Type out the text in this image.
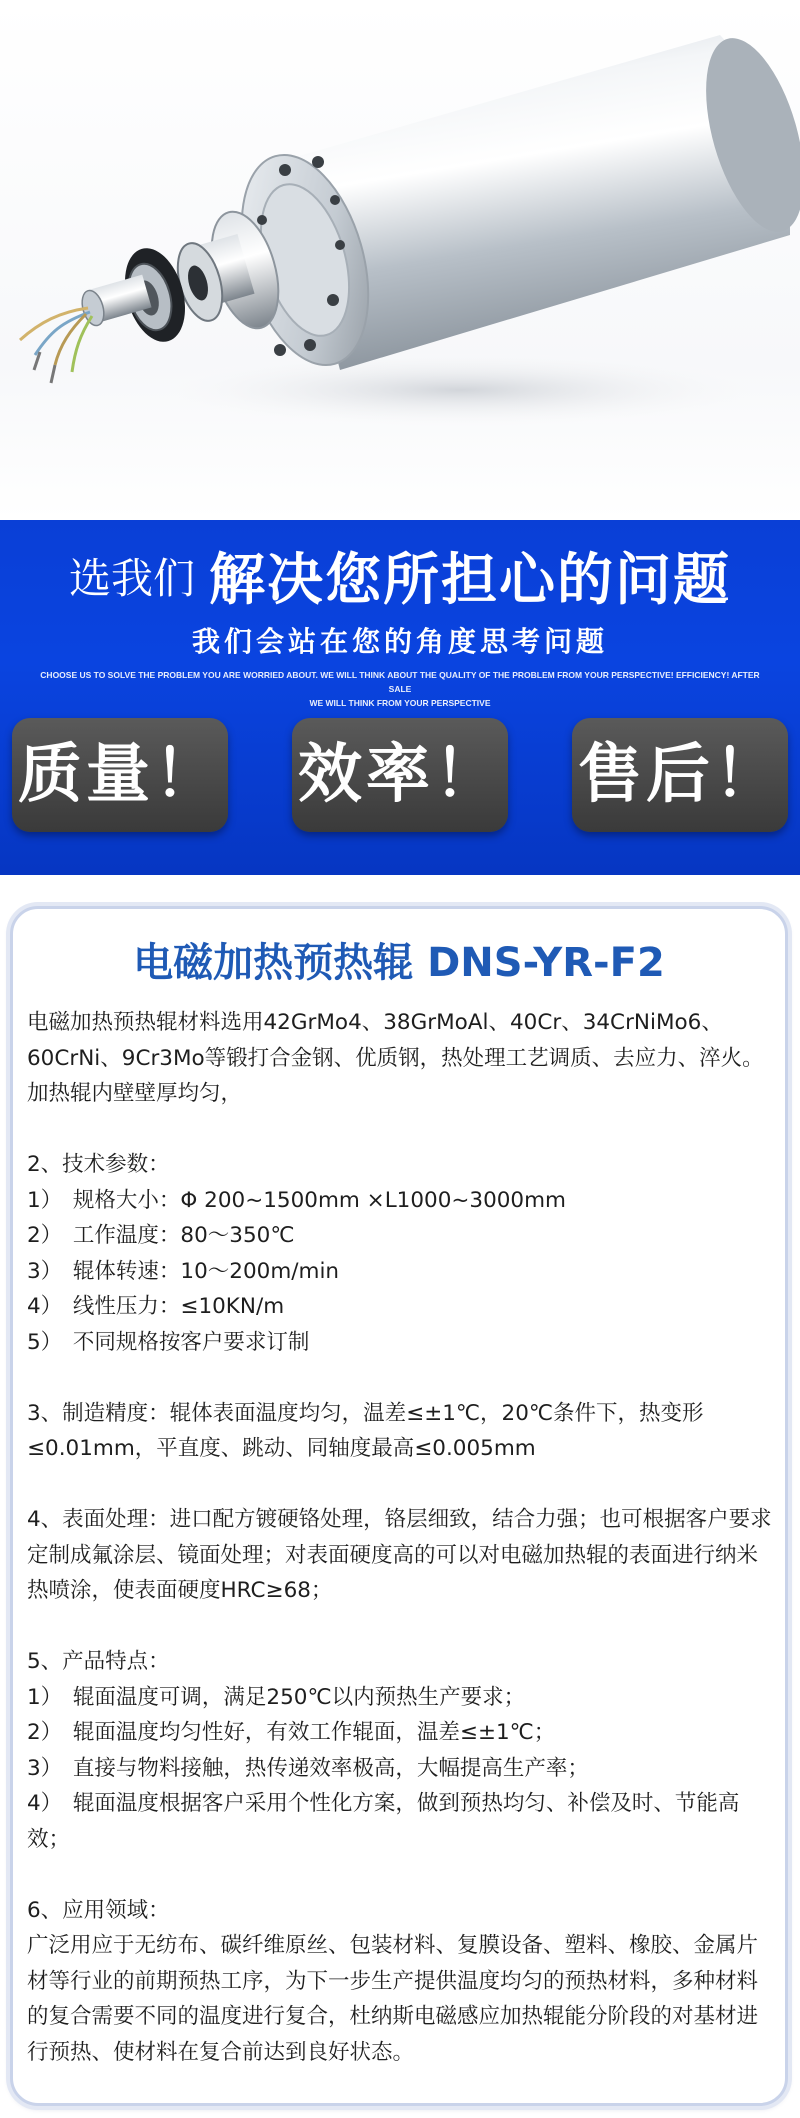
选我们 解决您所担心的问题
我们会站在您的角度思考问题
CHOOSE US TO SOLVE THE PROBLEM YOU ARE WORRIED ABOUT. WE WILL THINK ABOUT THE QUALITY OF THE PROBLEM FROM YOUR PERSPECTIVE! EFFICIENCY! AFTER SALE
WE WILL THINK FROM YOUR PERSPECTIVE
质量！ 效率！ 售后！
电磁加热预热辊 DNS-YR-F2

电磁加热预热辊材料选用42GrMo4、38GrMoAl、40Cr、34CrNiMo6、60CrNi、9Cr3Mo等锻打合金钢、优质钢，热处理工艺调质、去应力、淬火。加热辊内壁壁厚均匀，

2、技术参数：

1）　规格大小：Φ 200~1500mm ×L1000~3000mm

2）　工作温度：80～350℃

3）　辊体转速：10～200m/min

4）　线性压力：≤10KN/m

5）　不同规格按客户要求订制

3、制造精度：辊体表面温度均匀，温差≤±1℃，20℃条件下，热变形≤0.01mm，平直度、跳动、同轴度最高≤0.005mm

4、表面处理：进口配方镀硬铬处理，铬层细致，结合力强；也可根据客户要求定制成氟涂层、镜面处理；对表面硬度高的可以对电磁加热辊的表面进行纳米热喷涂，使表面硬度HRC≥68；

5、产品特点：

1）　辊面温度可调，满足250℃以内预热生产要求；

2）　辊面温度均匀性好，有效工作辊面，温差≤±1℃；

3）　直接与物料接触，热传递效率极高，大幅提高生产率；

4）　辊面温度根据客户采用个性化方案，做到预热均匀、补偿及时、节能高效；

6、应用领域：

广泛用应于无纺布、碳纤维原丝、包装材料、复膜设备、塑料、橡胶、金属片材等行业的前期预热工序，为下一步生产提供温度均匀的预热材料，多种材料的复合需要不同的温度进行复合，杜纳斯电磁感应加热辊能分阶段的对基材进行预热、使材料在复合前达到良好状态。
